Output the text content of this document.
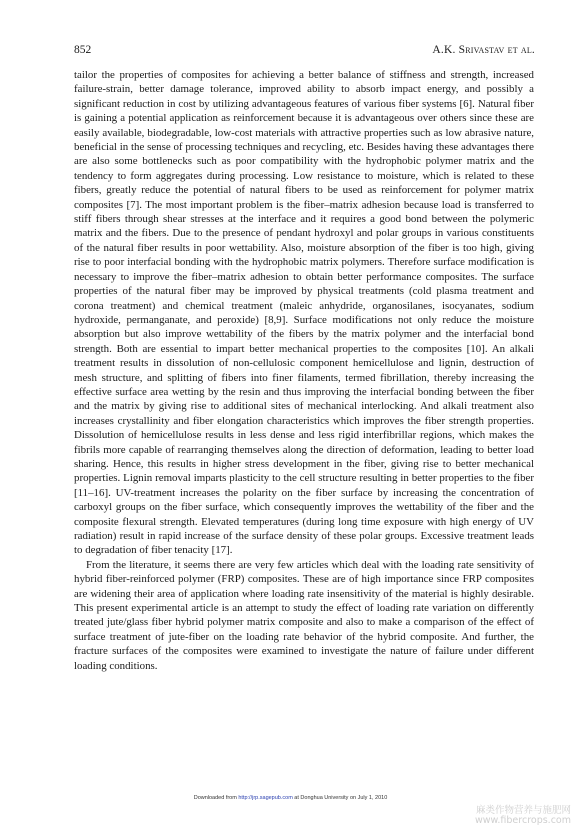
852	A.K. Srivastav et al.

tailor the properties of composites for achieving a better balance of stiffness and strength, increased failure-strain, better damage tolerance, improved ability to absorb impact energy, and possibly a significant reduction in cost by utilizing advantageous features of various fiber systems [6]. Natural fiber is gaining a potential application as reinforcement because it is advantageous over others since these are easily available, biodegradable, low-cost materials with attractive properties such as low abrasive nature, beneficial in the sense of processing techniques and recycling, etc. Besides having these advantages there are also some bottlenecks such as poor compatibility with the hydrophobic polymer matrix and the tendency to form aggregates during processing. Low resistance to moisture, which is related to these fibers, greatly reduce the potential of natural fibers to be used as reinforcement for polymer matrix composites [7]. The most important problem is the fiber–matrix adhesion because load is transferred to stiff fibers through shear stresses at the interface and it requires a good bond between the polymeric matrix and the fibers. Due to the presence of pendant hydroxyl and polar groups in various constituents of the natural fiber results in poor wettability. Also, moisture absorption of the fiber is too high, giving rise to poor interfacial bonding with the hydrophobic matrix polymers. Therefore surface modification is necessary to improve the fiber–matrix adhesion to obtain better performance composites. The surface properties of the natural fiber may be improved by physical treatments (cold plasma treatment and corona treatment) and chemical treatment (maleic anhydride, organosilanes, isocyanates, sodium hydroxide, permanganate, and peroxide) [8,9]. Surface modifications not only reduce the moisture absorption but also improve wettability of the fibers by the matrix polymer and the interfacial bond strength. Both are essential to impart better mechanical properties to the composites [10]. An alkali treatment results in dissolution of non-cellulosic component hemicellulose and lignin, destruction of mesh structure, and splitting of fibers into finer filaments, termed fibrillation, thereby increasing the effective surface area wetting by the resin and thus improving the interfacial bonding between the fiber and the matrix by giving rise to additional sites of mechanical interlocking. And alkali treatment also increases crystallinity and fiber elongation characteristics which improves the fiber strength properties. Dissolution of hemicellulose results in less dense and less rigid interfibrillar regions, which makes the fibrils more capable of rearranging themselves along the direction of deformation, leading to better load sharing. Hence, this results in higher stress development in the fiber, giving rise to better mechanical properties. Lignin removal imparts plasticity to the cell structure resulting in better properties to the fiber [11–16]. UV-treatment increases the polarity on the fiber surface by increasing the concentration of carboxyl groups on the fiber surface, which consequently improves the wettability of the fiber and the composite flexural strength. Elevated temperatures (during long time exposure with high energy of UV radiation) result in rapid increase of the surface density of these polar groups. Excessive treatment leads to degradation of fiber tenacity [17].

From the literature, it seems there are very few articles which deal with the loading rate sensitivity of hybrid fiber-reinforced polymer (FRP) composites. These are of high importance since FRP composites are widening their area of application where loading rate insensitivity of the material is highly desirable. This present experimental article is an attempt to study the effect of loading rate variation on differently treated jute/glass fiber hybrid polymer matrix composite and also to make a comparison of the effect of surface treatment of jute-fiber on the loading rate behavior of the hybrid composite. And further, the fracture surfaces of the composites were examined to investigate the nature of failure under different loading conditions.

Downloaded from http://jrp.sagepub.com at Donghua University on July 1, 2010
麻类作物营养与施肥网
www.fibercrops.com
